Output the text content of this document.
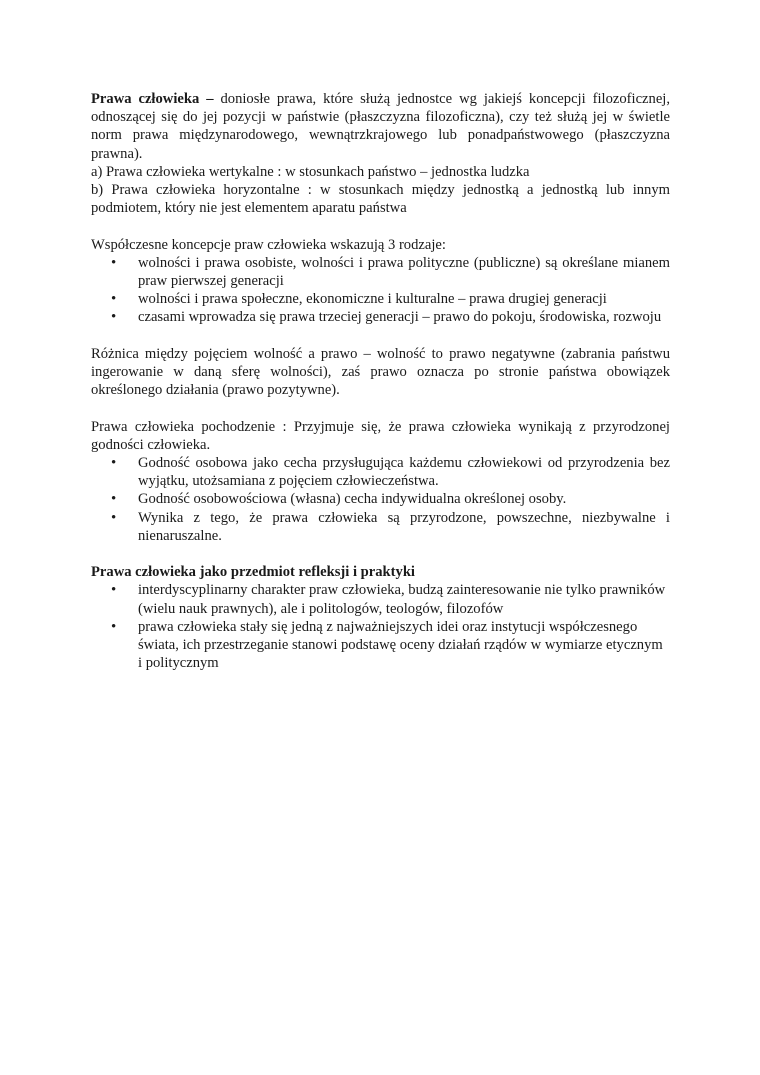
Prawa człowieka – doniosłe prawa, które służą jednostce wg jakiejś koncepcji filozoficznej, odnoszącej się do jej pozycji w państwie (płaszczyzna filozoficzna), czy też służą jej w świetle norm prawa międzynarodowego, wewnątrzkrajowego lub ponadpaństwowego (płaszczyzna prawna).

a) Prawa człowieka wertykalne : w stosunkach państwo – jednostka ludzka

b) Prawa człowieka horyzontalne : w stosunkach między jednostką a jednostką lub innym podmiotem, który nie jest elementem aparatu państwa

Współczesne koncepcje praw człowieka wskazują 3 rodzaje:

• wolności i prawa osobiste, wolności i prawa polityczne (publiczne) są określane mianem praw pierwszej generacji
• wolności i prawa społeczne, ekonomiczne i kulturalne – prawa drugiej generacji
• czasami wprowadza się prawa trzeciej generacji – prawo do pokoju, środowiska, rozwoju

Różnica między pojęciem wolność a prawo – wolność to prawo negatywne (zabrania państwu ingerowanie w daną sferę wolności), zaś prawo oznacza po stronie państwa obowiązek określonego działania (prawo pozytywne).

Prawa człowieka pochodzenie : Przyjmuje się, że prawa człowieka wynikają z przyrodzonej godności człowieka.

• Godność osobowa jako cecha przysługująca każdemu człowiekowi od przyrodzenia bez wyjątku, utożsamiana z pojęciem człowieczeństwa.
• Godność osobowościowa (własna) cecha indywidualna określonej osoby.
• Wynika z tego, że prawa człowieka są przyrodzone, powszechne, niezbywalne i nienaruszalne.

Prawa człowieka jako przedmiot refleksji i praktyki

• interdyscyplinarny charakter praw człowieka, budzą zainteresowanie nie tylko prawników (wielu nauk prawnych), ale i politologów, teologów, filozofów
• prawa człowieka stały się jedną z najważniejszych idei oraz instytucji współczesnego świata, ich przestrzeganie stanowi podstawę oceny działań rządów w wymiarze etycznym i politycznym
